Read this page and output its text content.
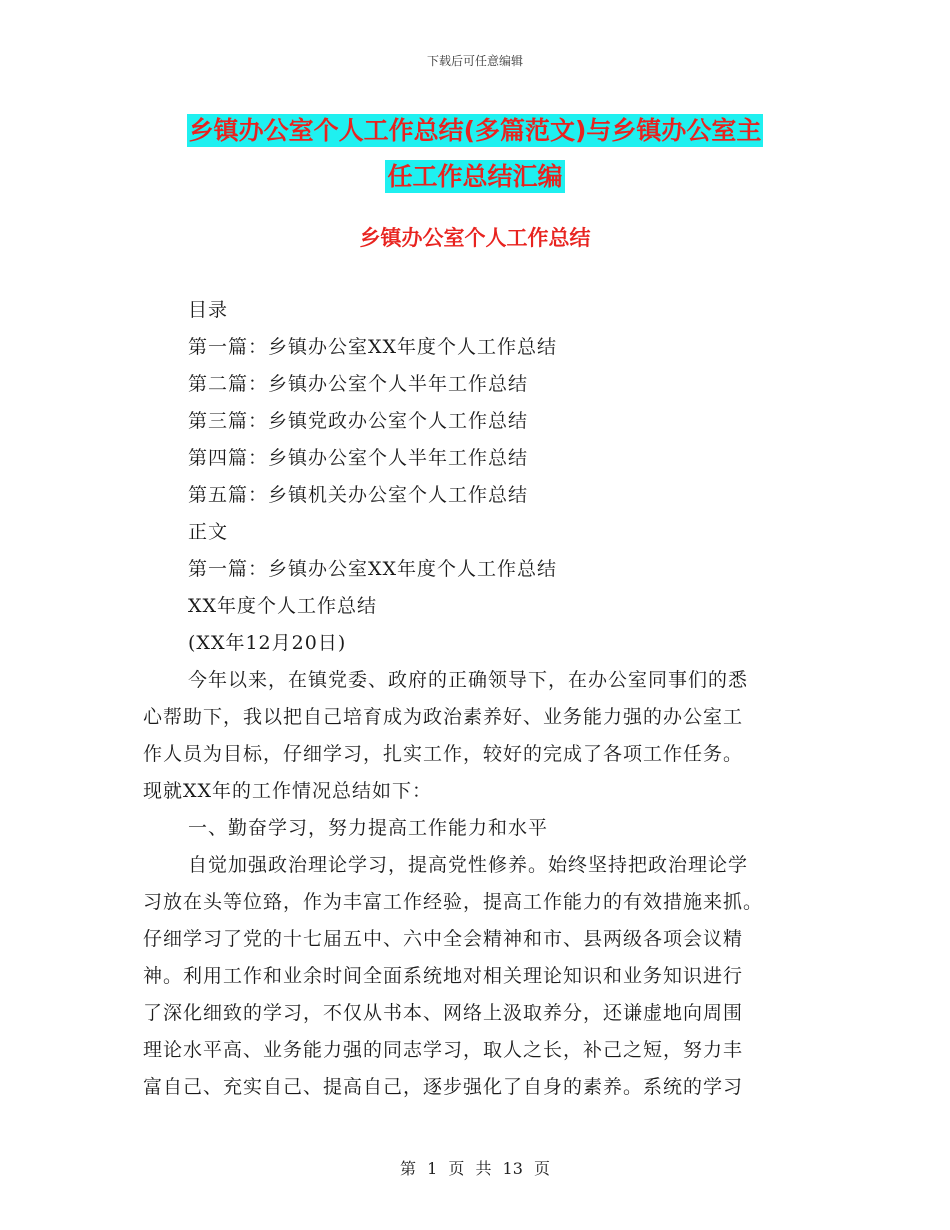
下载后可任意编辑
乡镇办公室个人工作总结(多篇范文)与乡镇办公室主
任工作总结汇编
乡镇办公室个人工作总结
目录
第一篇：乡镇办公室XX年度个人工作总结
第二篇：乡镇办公室个人半年工作总结
第三篇：乡镇党政办公室个人工作总结
第四篇：乡镇办公室个人半年工作总结
第五篇：乡镇机关办公室个人工作总结
正文
第一篇：乡镇办公室XX年度个人工作总结
XX年度个人工作总结
(XX年12月20日)
今年以来，在镇党委、政府的正确领导下，在办公室同事们的悉
心帮助下，我以把自己培育成为政治素养好、业务能力强的办公室工
作人员为目标，仔细学习，扎实工作，较好的完成了各项工作任务。
现就XX年的工作情况总结如下：
一、勤奋学习，努力提高工作能力和水平
自觉加强政治理论学习，提高党性修养。始终坚持把政治理论学
习放在头等位臵，作为丰富工作经验，提高工作能力的有效措施来抓。
仔细学习了党的十七届五中、六中全会精神和市、县两级各项会议精
神。利用工作和业余时间全面系统地对相关理论知识和业务知识进行
了深化细致的学习，不仅从书本、网络上汲取养分，还谦虚地向周围
理论水平高、业务能力强的同志学习，取人之长，补己之短，努力丰
富自己、充实自己、提高自己，逐步强化了自身的素养。系统的学习
第 1 页 共 13 页
